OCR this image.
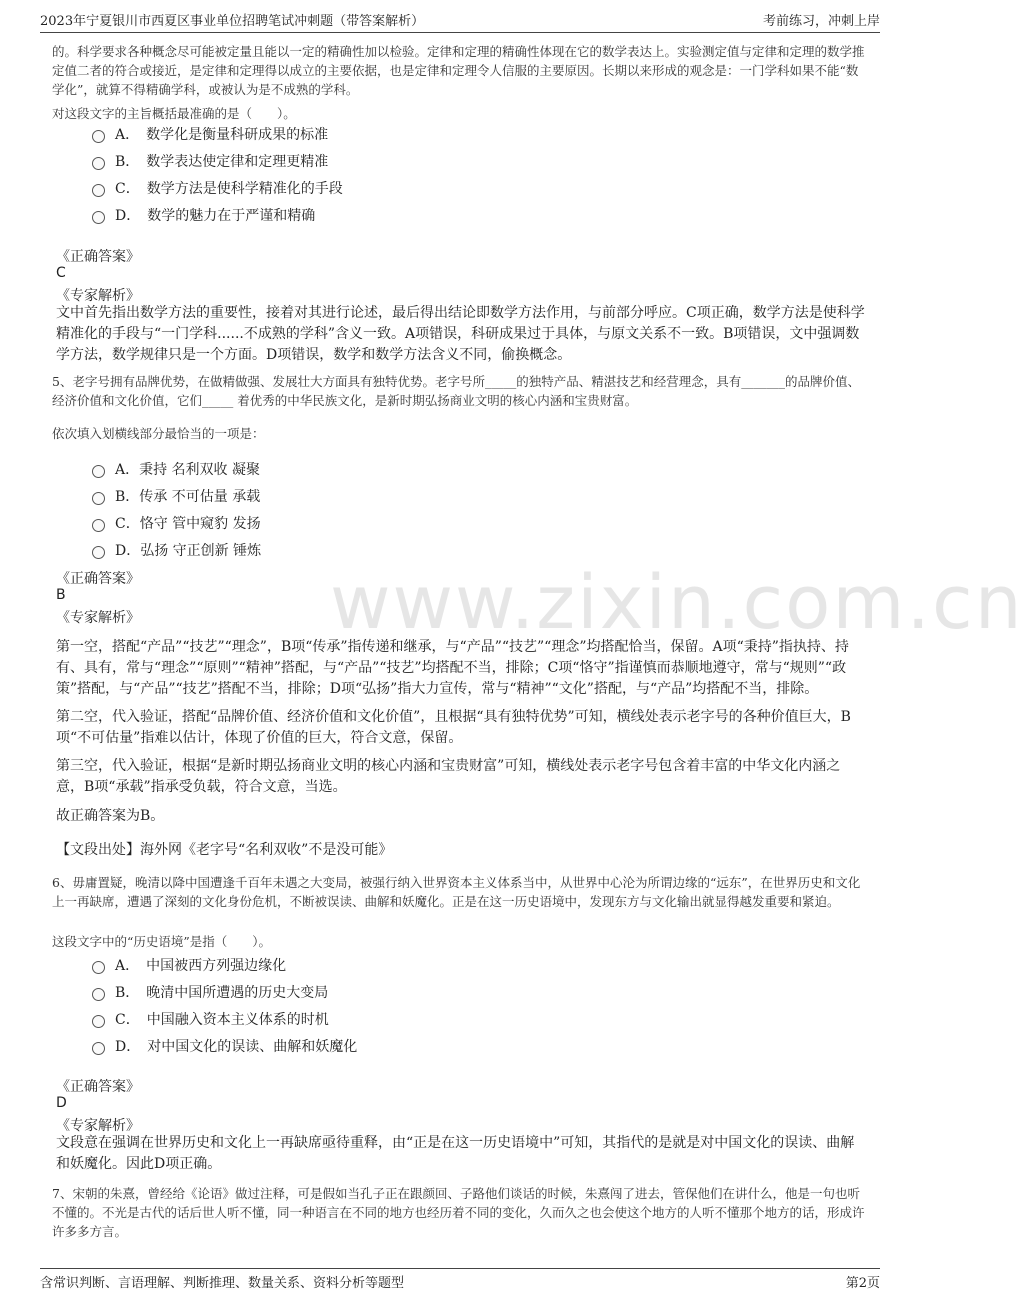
2023年宁夏银川市西夏区事业单位招聘笔试冲刺题（带答案解析）	考前练习，冲刺上岸
www.zixin.com.cn
的。科学要求各种概念尽可能被定量且能以一定的精确性加以检验。定律和定理的精确性体现在它的数学表达上。实验测定值与定律和定理的数学推定值二者的符合或接近，是定律和定理得以成立的主要依据，也是定律和定理令人信服的主要原因。长期以来形成的观念是：一门学科如果不能“数学化”，就算不得精确学科，或被认为是不成熟的学科。
对这段文字的主旨概括最准确的是（　　）。
A．　数学化是衡量科研成果的标准
B．　数学表达使定律和定理更精准
C．　数学方法是使科学精准化的手段
D．　数学的魅力在于严谨和精确
《正确答案》
C
《专家解析》
文中首先指出数学方法的重要性，接着对其进行论述，最后得出结论即数学方法作用，与前部分呼应。C项正确，数学方法是使科学精准化的手段与“一门学科......不成熟的学科”含义一致。A项错误，科研成果过于具体，与原文关系不一致。B项错误，文中强调数学方法，数学规律只是一个方面。D项错误，数学和数学方法含义不同，偷换概念。
5、老字号拥有品牌优势，在做精做强、发展壮大方面具有独特优势。老字号所_____的独特产品、精湛技艺和经营理念，具有_______的品牌价值、经济价值和文化价值，它们_____ 着优秀的中华民族文化，是新时期弘扬商业文明的核心内涵和宝贵财富。
依次填入划横线部分最恰当的一项是：
A．秉持 名利双收 凝聚
B．传承 不可估量 承载
C．恪守 管中窥豹 发扬
D．弘扬 守正创新 锤炼
《正确答案》
B
《专家解析》
第一空，搭配“产品”“技艺”“理念”，B项“传承”指传递和继承，与“产品”“技艺”“理念”均搭配恰当，保留。A项“秉持”指执持、持有、具有，常与“理念”“原则”“精神”搭配，与“产品”“技艺”均搭配不当，排除；C项“恪守”指谨慎而恭顺地遵守，常与“规则”“政策”搭配，与“产品”“技艺”搭配不当，排除；D项“弘扬”指大力宣传，常与“精神”“文化”搭配，与“产品”均搭配不当，排除。
第二空，代入验证，搭配“品牌价值、经济价值和文化价值”，且根据“具有独特优势”可知，横线处表示老字号的各种价值巨大，B项“不可估量”指难以估计，体现了价值的巨大，符合文意，保留。
第三空，代入验证，根据“是新时期弘扬商业文明的核心内涵和宝贵财富”可知，横线处表示老字号包含着丰富的中华文化内涵之意，B项“承载”指承受负载，符合文意，当选。
故正确答案为B。
【文段出处】海外网《老字号“名利双收”不是没可能》
6、毋庸置疑，晚清以降中国遭逢千百年未遇之大变局，被强行纳入世界资本主义体系当中，从世界中心沦为所谓边缘的“远东”，在世界历史和文化上一再缺席，遭遇了深刻的文化身份危机，不断被误读、曲解和妖魔化。正是在这一历史语境中，发现东方与文化输出就显得越发重要和紧迫。
这段文字中的“历史语境”是指（　　）。
A．　中国被西方列强边缘化
B．　晚清中国所遭遇的历史大变局
C．　中国融入资本主义体系的时机
D．　对中国文化的误读、曲解和妖魔化
《正确答案》
D
《专家解析》
文段意在强调在世界历史和文化上一再缺席亟待重释，由“正是在这一历史语境中”可知，其指代的是就是对中国文化的误读、曲解和妖魔化。因此D项正确。
7、宋朝的朱熹，曾经给《论语》做过注释，可是假如当孔子正在跟颜回、子路他们谈话的时候，朱熹闯了进去，管保他们在讲什么，他是一句也听不懂的。不光是古代的话后世人听不懂，同一种语言在不同的地方也经历着不同的变化，久而久之也会使这个地方的人听不懂那个地方的话，形成许许多多方言。
含常识判断、言语理解、判断推理、数量关系、资料分析等题型	第2页
